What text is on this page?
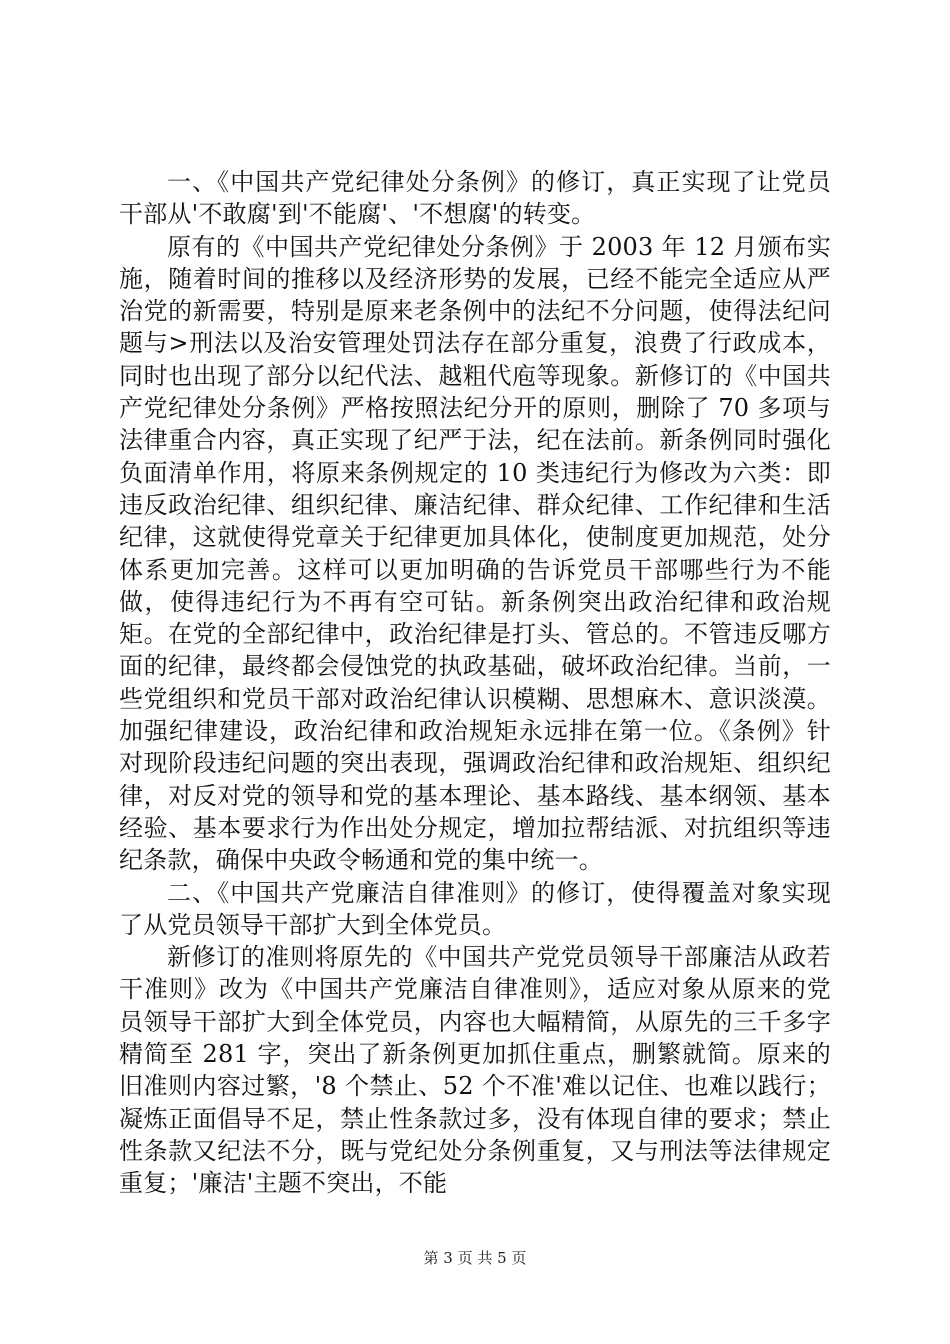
一、《中国共产党纪律处分条例》的修订，真正实现了让党员干部从'不敢腐'到'不能腐'、'不想腐'的转变。

原有的《中国共产党纪律处分条例》于 2003 年 12 月颁布实施，随着时间的推移以及经济形势的发展，已经不能完全适应从严治党的新需要，特别是原来老条例中的法纪不分问题，使得法纪问题与>刑法以及治安管理处罚法存在部分重复，浪费了行政成本，同时也出现了部分以纪代法、越粗代庖等现象。新修订的《中国共产党纪律处分条例》严格按照法纪分开的原则，删除了 70 多项与法律重合内容，真正实现了纪严于法，纪在法前。新条例同时强化负面清单作用，将原来条例规定的 10 类违纪行为修改为六类：即违反政治纪律、组织纪律、廉洁纪律、群众纪律、工作纪律和生活纪律，这就使得党章关于纪律更加具体化，使制度更加规范，处分体系更加完善。这样可以更加明确的告诉党员干部哪些行为不能做，使得违纪行为不再有空可钻。新条例突出政治纪律和政治规矩。在党的全部纪律中，政治纪律是打头、管总的。不管违反哪方面的纪律，最终都会侵蚀党的执政基础，破坏政治纪律。当前，一些党组织和党员干部对政治纪律认识模糊、思想麻木、意识淡漠。加强纪律建设，政治纪律和政治规矩永远排在第一位。《条例》针对现阶段违纪问题的突出表现，强调政治纪律和政治规矩、组织纪律，对反对党的领导和党的基本理论、基本路线、基本纲领、基本经验、基本要求行为作出处分规定，增加拉帮结派、对抗组织等违纪条款，确保中央政令畅通和党的集中统一。

二、《中国共产党廉洁自律准则》的修订，使得覆盖对象实现了从党员领导干部扩大到全体党员。

新修订的准则将原先的《中国共产党党员领导干部廉洁从政若干准则》改为《中国共产党廉洁自律准则》，适应对象从原来的党员领导干部扩大到全体党员，内容也大幅精简，从原先的三千多字精简至 281 字，突出了新条例更加抓住重点，删繁就简。原来的旧准则内容过繁，'8 个禁止、52 个不准'难以记住、也难以践行；凝炼正面倡导不足，禁止性条款过多，没有体现自律的要求；禁止性条款又纪法不分，既与党纪处分条例重复，又与刑法等法律规定重复；'廉洁'主题不突出，不能

第 3 页 共 5 页
